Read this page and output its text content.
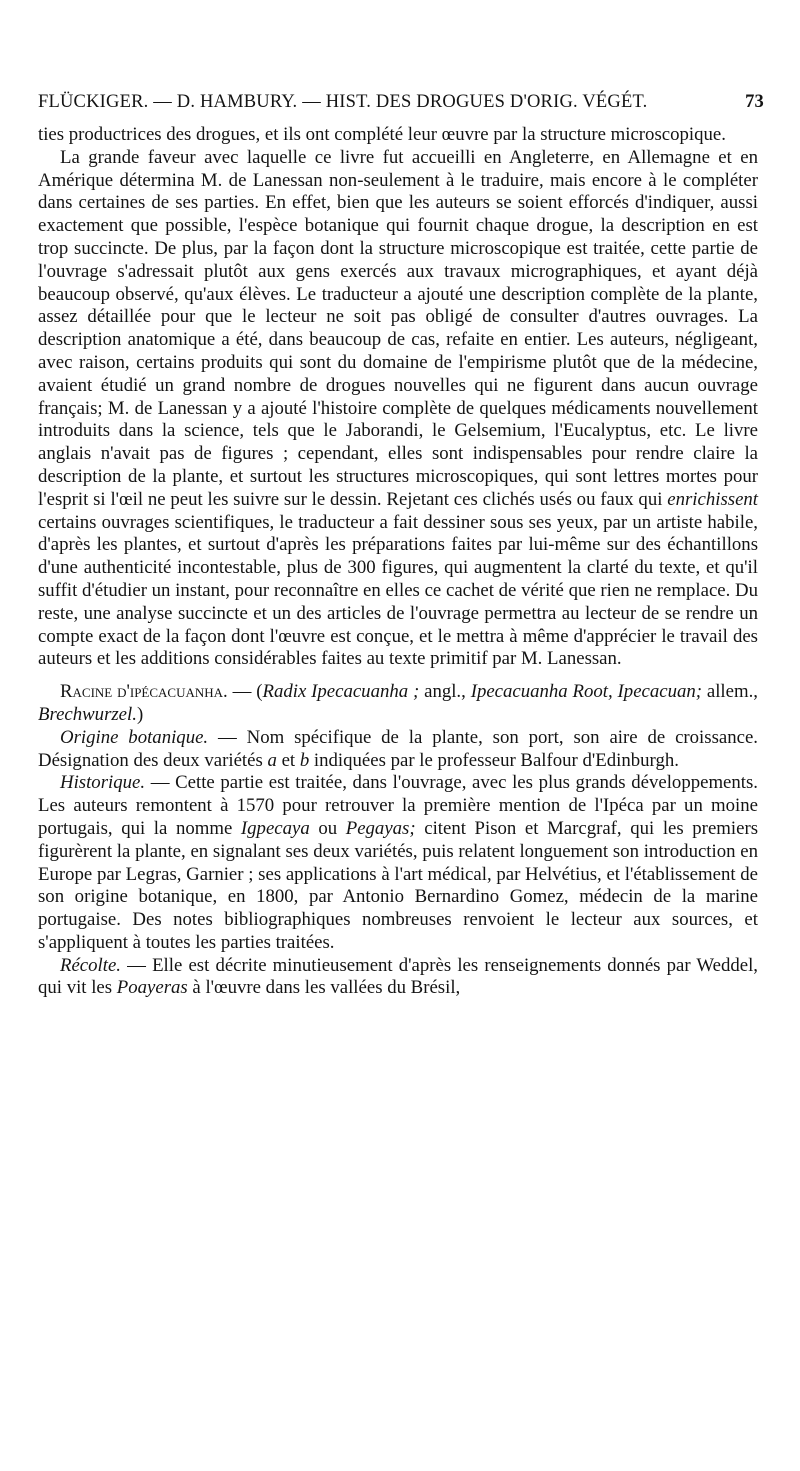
FLÜCKIGER. — D. HAMBURY. — HIST. DES DROGUES D'ORIG. VÉGÉT.	73

ties productrices des drogues, et ils ont complété leur œuvre par la structure microscopique.

La grande faveur avec laquelle ce livre fut accueilli en Angleterre, en Allemagne et en Amérique détermina M. de Lanessan non-seulement à le traduire, mais encore à le compléter dans certaines de ses parties. En effet, bien que les auteurs se soient efforcés d'indiquer, aussi exactement que possible, l'espèce botanique qui fournit chaque drogue, la description en est trop succincte. De plus, par la façon dont la structure microscopique est traitée, cette partie de l'ouvrage s'adressait plutôt aux gens exercés aux travaux micrographiques, et ayant déjà beaucoup observé, qu'aux élèves. Le traducteur a ajouté une description complète de la plante, assez détaillée pour que le lecteur ne soit pas obligé de consulter d'autres ouvrages. La description anatomique a été, dans beaucoup de cas, refaite en entier. Les auteurs, négligeant, avec raison, certains produits qui sont du domaine de l'empirisme plutôt que de la médecine, avaient étudié un grand nombre de drogues nouvelles qui ne figurent dans aucun ouvrage français; M. de Lanessan y a ajouté l'histoire complète de quelques médicaments nouvellement introduits dans la science, tels que le Jaborandi, le Gelsemium, l'Eucalyptus, etc. Le livre anglais n'avait pas de figures ; cependant, elles sont indispensables pour rendre claire la description de la plante, et surtout les structures microscopiques, qui sont lettres mortes pour l'esprit si l'œil ne peut les suivre sur le dessin. Rejetant ces clichés usés ou faux qui enrichissent certains ouvrages scientifiques, le traducteur a fait dessiner sous ses yeux, par un artiste habile, d'après les plantes, et surtout d'après les préparations faites par lui-même sur des échantillons d'une authenticité incontestable, plus de 300 figures, qui augmentent la clarté du texte, et qu'il suffit d'étudier un instant, pour reconnaître en elles ce cachet de vérité que rien ne remplace. Du reste, une analyse succincte et un des articles de l'ouvrage permettra au lecteur de se rendre un compte exact de la façon dont l'œuvre est conçue, et le mettra à même d'apprécier le travail des auteurs et les additions considérables faites au texte primitif par M. Lanessan.

Racine d'ipécacuanha. — (Radix Ipecacuanha ; angl., Ipecacuanha Root, Ipecacuan; allem., Brechwurzel.)

Origine botanique. — Nom spécifique de la plante, son port, son aire de croissance. Désignation des deux variétés a et b indiquées par le professeur Balfour d'Edinburgh.

Historique. — Cette partie est traitée, dans l'ouvrage, avec les plus grands développements. Les auteurs remontent à 1570 pour retrouver la première mention de l'Ipéca par un moine portugais, qui la nomme Igpecaya ou Pegayas; citent Pison et Marcgraf, qui les premiers figurèrent la plante, en signalant ses deux variétés, puis relatent longuement son introduction en Europe par Legras, Garnier ; ses applications à l'art médical, par Helvétius, et l'établissement de son origine botanique, en 1800, par Antonio Bernardino Gomez, médecin de la marine portugaise. Des notes bibliographiques nombreuses renvoient le lecteur aux sources, et s'appliquent à toutes les parties traitées.

Récolte. — Elle est décrite minutieusement d'après les renseignements donnés par Weddel, qui vit les Poayeras à l'œuvre dans les vallées du Brésil,
